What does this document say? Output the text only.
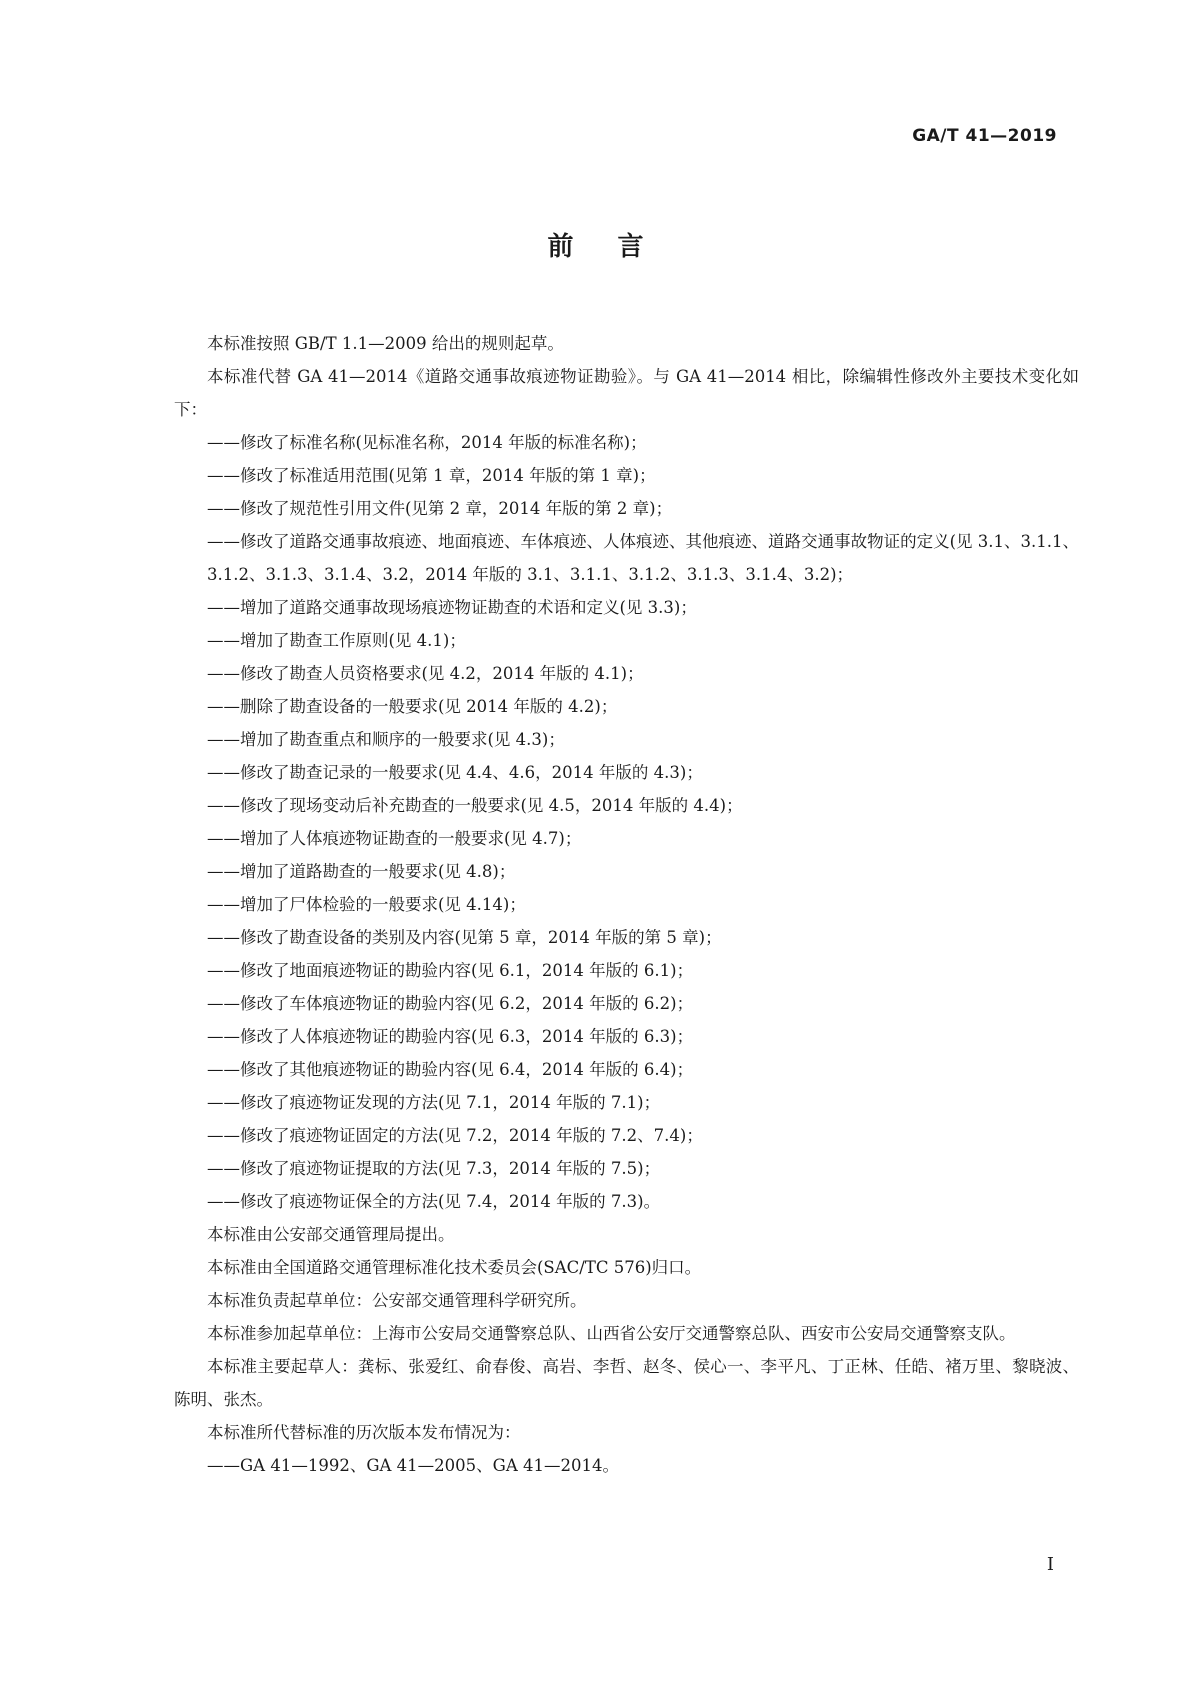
GA/T 41—2019
前 言

本标准按照 GB/T 1.1—2009 给出的规则起草。

本标准代替 GA 41—2014《道路交通事故痕迹物证勘验》。与 GA 41—2014 相比，除编辑性修改外主要技术变化如下：

——修改了标准名称(见标准名称，2014 年版的标准名称)；

——修改了标准适用范围(见第 1 章，2014 年版的第 1 章)；

——修改了规范性引用文件(见第 2 章，2014 年版的第 2 章)；

——修改了道路交通事故痕迹、地面痕迹、车体痕迹、人体痕迹、其他痕迹、道路交通事故物证的定义(见 3.1、3.1.1、3.1.2、3.1.3、3.1.4、3.2，2014 年版的 3.1、3.1.1、3.1.2、3.1.3、3.1.4、3.2)；

——增加了道路交通事故现场痕迹物证勘查的术语和定义(见 3.3)；

——增加了勘查工作原则(见 4.1)；

——修改了勘查人员资格要求(见 4.2，2014 年版的 4.1)；

——删除了勘查设备的一般要求(见 2014 年版的 4.2)；

——增加了勘查重点和顺序的一般要求(见 4.3)；

——修改了勘查记录的一般要求(见 4.4、4.6，2014 年版的 4.3)；

——修改了现场变动后补充勘查的一般要求(见 4.5，2014 年版的 4.4)；

——增加了人体痕迹物证勘查的一般要求(见 4.7)；

——增加了道路勘查的一般要求(见 4.8)；

——增加了尸体检验的一般要求(见 4.14)；

——修改了勘查设备的类别及内容(见第 5 章，2014 年版的第 5 章)；

——修改了地面痕迹物证的勘验内容(见 6.1，2014 年版的 6.1)；

——修改了车体痕迹物证的勘验内容(见 6.2，2014 年版的 6.2)；

——修改了人体痕迹物证的勘验内容(见 6.3，2014 年版的 6.3)；

——修改了其他痕迹物证的勘验内容(见 6.4，2014 年版的 6.4)；

——修改了痕迹物证发现的方法(见 7.1，2014 年版的 7.1)；

——修改了痕迹物证固定的方法(见 7.2，2014 年版的 7.2、7.4)；

——修改了痕迹物证提取的方法(见 7.3，2014 年版的 7.5)；

——修改了痕迹物证保全的方法(见 7.4，2014 年版的 7.3)。

本标准由公安部交通管理局提出。

本标准由全国道路交通管理标准化技术委员会(SAC/TC 576)归口。

本标准负责起草单位：公安部交通管理科学研究所。

本标准参加起草单位：上海市公安局交通警察总队、山西省公安厅交通警察总队、西安市公安局交通警察支队。

本标准主要起草人：龚标、张爱红、俞春俊、高岩、李哲、赵冬、侯心一、李平凡、丁正林、任皓、褚万里、黎晓波、陈明、张杰。

本标准所代替标准的历次版本发布情况为：

——GA 41—1992、GA 41—2005、GA 41—2014。

I
